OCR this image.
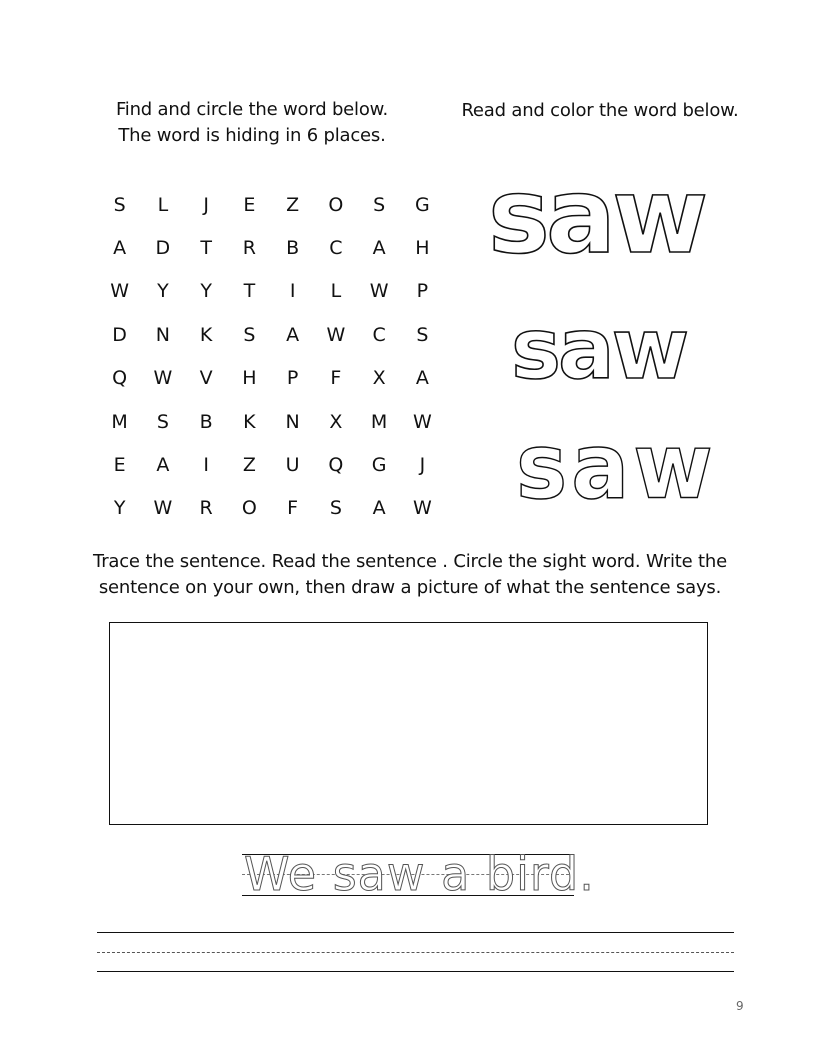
Find and circle the word below.
The word is hiding in 6 places.
Read and color the word below.
S	L	J	E	Z	O	S	G
A	D	T	R	B	C	A	H
W	Y	Y	T	I	L	W	P
D	N	K	S	A	W	C	S
Q	W	V	H	P	F	X	A
M	S	B	K	N	X	M	W
E	A	I	Z	U	Q	G	J
Y	W	R	O	F	S	A	W
saw
saw
saw
Trace the sentence. Read the sentence . Circle the sight word. Write the
sentence on your own, then draw a picture of what the sentence says.
We saw a bird.
9
